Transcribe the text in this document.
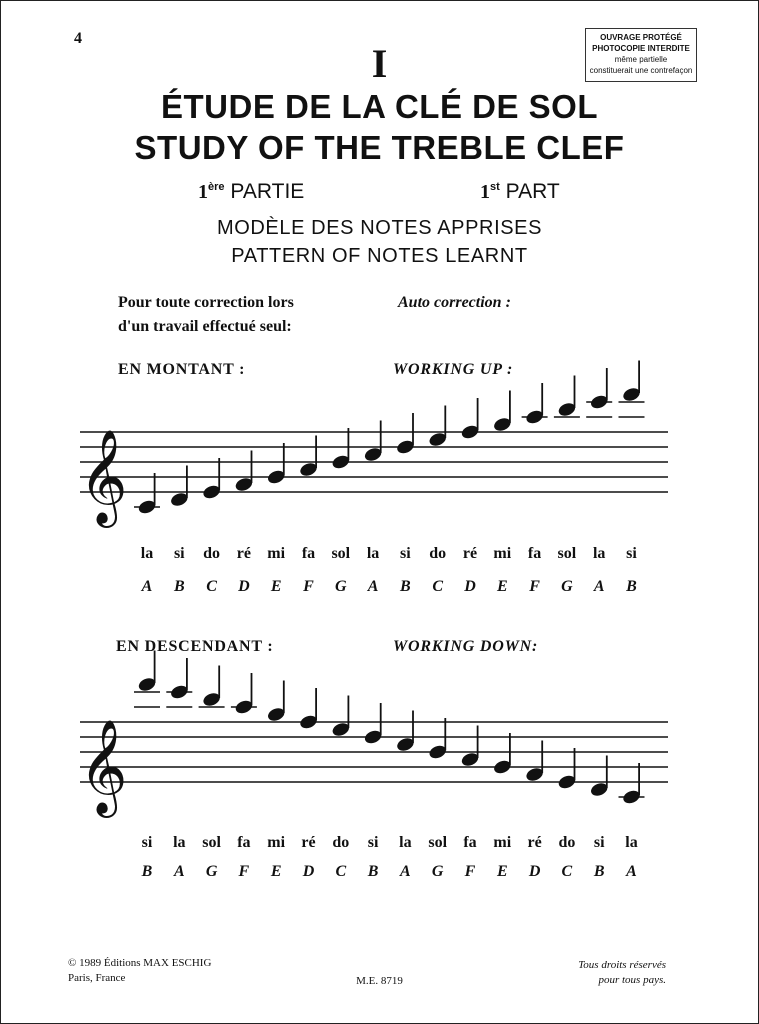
4
I
OUVRAGE PROTÉGÉ
PHOTOCOPIE INTERDITE
même partielle
constituerait une contrefaçon
ÉTUDE DE LA CLÉ DE SOL
STUDY OF THE TREBLE CLEF
1ère PARTIE	1st PART
MODÈLE DES NOTES APPRISES
PATTERN OF NOTES LEARNT
Pour toute correction lors
d'un travail effectué seul:
Auto correction :
EN MONTANT :	WORKING UP :
𝄞
𝄞
la	si	do	ré	mi	fa	sol	la	si	do	ré	mi	fa	sol	la	si
A	B	C	D	E	F	G	A	B	C	D	E	F	G	A	B
EN DESCENDANT :	WORKING DOWN:
si	la	sol	fa	mi	ré	do	si	la	sol	fa	mi	ré	do	si	la
B	A	G	F	E	D	C	B	A	G	F	E	D	C	B	A
© 1989 Éditions MAX ESCHIG
Paris, France	M.E. 8719
Tous droits réservés
pour tous pays.
